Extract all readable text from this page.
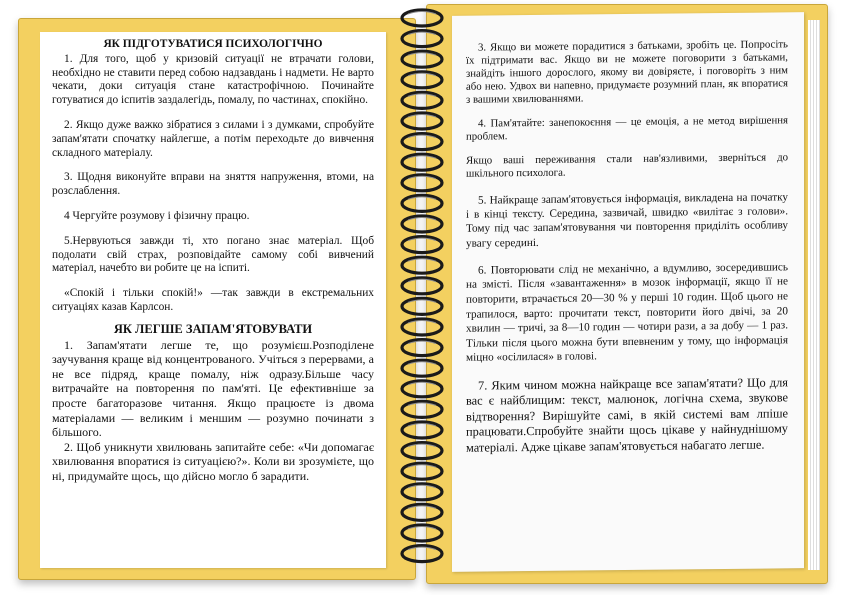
ЯК ПІДГОТУВАТИСЯ ПСИХОЛОГІЧНО

1. Для того, щоб у кризовій ситуації не втрачати голови, необхідно не ставити перед собою надзавдань і надмети. Не варто чекати, доки ситуація стане катастрофічною. Починайте готуватися до іспитів заздалегідь, помалу, по частинах, спокійно.

2. Якщо дуже важко зібратися з силами і з думками, спробуйте запам'ятати спочатку найлегше, а потім переходьте до вивчення складного матеріалу.

3. Щодня виконуйте вправи на зняття напруження, втоми, на розслаблення.

4 Чергуйте розумову і фізичну працю.

5.Нервуються завжди ті, хто погано знає матеріал. Щоб подолати свій страх, розповідайте самому собі вивчений матеріал, начебто ви робите це на іспиті.

«Спокій і тільки спокій!» —так завжди в екстремальних ситуаціях казав Карлсон.

ЯК ЛЕГШЕ ЗАПАМ'ЯТОВУВАТИ

1. Запам'ятати легше те, що розумієш.Розподілене заучування краще від концентрованого. Учіться з перервами, а не все підряд, краще помалу, ніж одразу.Більше часу витрачайте на повторення по пам'яті. Це ефективніше за просте багаторазове читання. Якщо працюєте із двома матеріалами — великим і меншим — розумно починати з більшого.

2. Щоб уникнути хвилювань запитайте себе: «Чи допомагає хвилювання впоратися із ситуацією?». Коли ви зрозумієте, що ні, придумайте щось, що дійсно могло б зарадити.

3. Якщо ви можете порадитися з батьками, зробіть це. Попросіть їх підтримати вас. Якщо ви не можете поговорити з батьками, знайдіть іншого дорослого, якому ви довіряєте, і поговоріть з ним або нею. Удвох ви напевно, придумаєте розумний план, як впоратися з вашими хвилюваннями.

4. Пам'ятайте: занепокоєння — це емоція, а не метод вирішення проблем.

Якщо ваші переживання стали нав'язливими, зверніться до шкільного психолога.

5. Найкраще запам'ятовується інформація, викладена на початку і в кінці тексту. Середина, зазвичай, швидко «вилітає з голови». Тому під час запам'ятовування чи повторення приділіть особливу увагу середині.

6. Повторювати слід не механічно, а вдумливо, зосередившись на змісті. Після «завантаження» в мозок інформації, якщо її не повторити, втрачається 20—30 % у перші 10 годин. Щоб цього не трапилося, варто: прочитати текст, повторити його двічі, за 20 хвилин — тричі, за 8—10 годин — чотири рази, а за добу — 1 раз. Тільки після цього можна бути впевненим у тому, що інформація міцно «осілилася» в голові.

7. Яким чином можна найкраще все запам'ятати? Що для вас є найблищим: текст, малюнок, логічна схема, звукове відтворення? Вирішуйте самі, в якій системі вам лпіше працювати.Спробуйте знайти щось цікаве у найнуднішому матеріалі. Адже цікаве запам'ятовується набагато легше.
